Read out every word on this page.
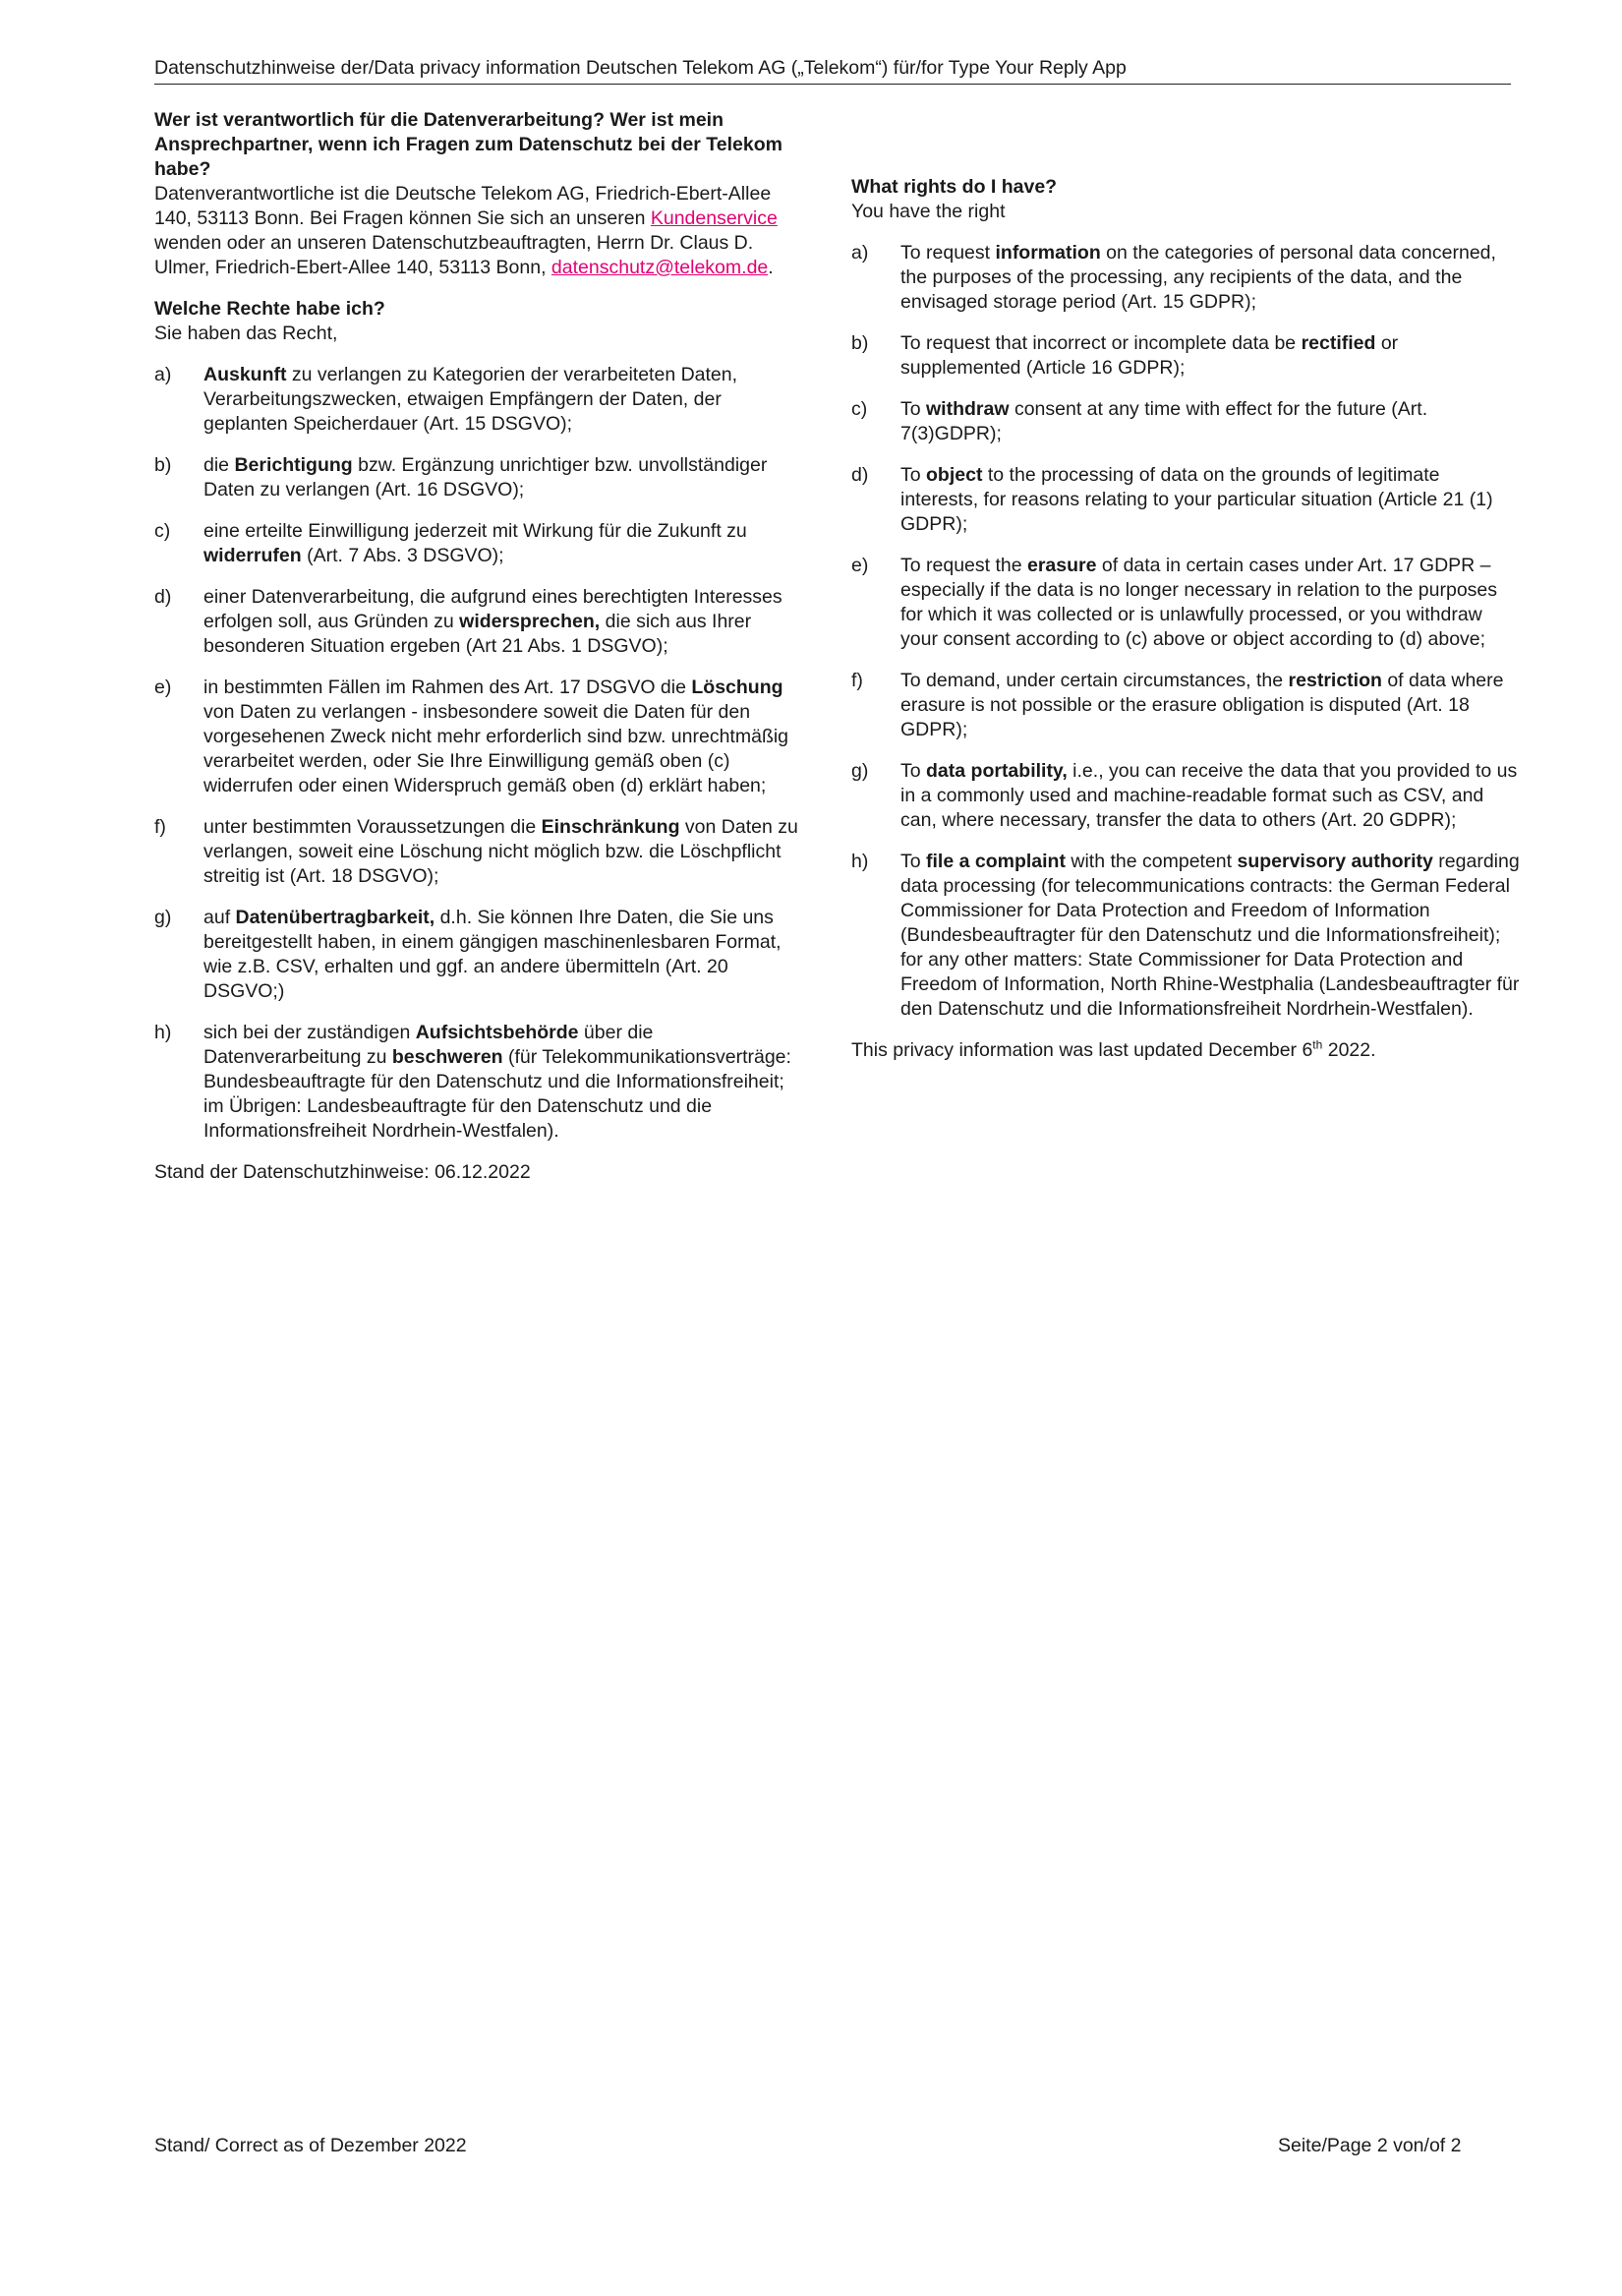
Datenschutzhinweise der/Data privacy information Deutschen Telekom AG („Telekom“) für/for Type Your Reply App
Wer ist verantwortlich für die Datenverarbeitung? Wer ist mein Ansprechpartner, wenn ich Fragen zum Datenschutz bei der Telekom habe?

Datenverantwortliche ist die Deutsche Telekom AG, Friedrich-Ebert-Allee 140, 53113 Bonn. Bei Fragen können Sie sich an unseren Kundenservice wenden oder an unseren Datenschutzbeauftragten, Herrn Dr. Claus D. Ulmer, Friedrich-Ebert-Allee 140, 53113 Bonn, datenschutz@telekom.de.

Welche Rechte habe ich?

Sie haben das Recht,

a)	Auskunft zu verlangen zu Kategorien der verarbeiteten Daten, Verarbeitungszwecken, etwaigen Empfängern der Daten, der geplanten Speicherdauer (Art. 15 DSGVO);
b)	die Berichtigung bzw. Ergänzung unrichtiger bzw. unvollständiger Daten zu verlangen (Art. 16 DSGVO);
c)	eine erteilte Einwilligung jederzeit mit Wirkung für die Zukunft zu widerrufen (Art. 7 Abs. 3 DSGVO);
d)	einer Datenverarbeitung, die aufgrund eines berechtigten Interesses erfolgen soll, aus Gründen zu widersprechen, die sich aus Ihrer besonderen Situation ergeben (Art 21 Abs. 1 DSGVO);
e)	in bestimmten Fällen im Rahmen des Art. 17 DSGVO die Löschung von Daten zu verlangen - insbesondere soweit die Daten für den vorgesehenen Zweck nicht mehr erforderlich sind bzw. unrechtmäßig verarbeitet werden, oder Sie Ihre Einwilligung gemäß oben (c) widerrufen oder einen Widerspruch gemäß oben (d) erklärt haben;
f)	unter bestimmten Voraussetzungen die Einschränkung von Daten zu verlangen, soweit eine Löschung nicht möglich bzw. die Löschpflicht streitig ist (Art. 18 DSGVO);
g)	auf Datenübertragbarkeit, d.h. Sie können Ihre Daten, die Sie uns bereitgestellt haben, in einem gängigen maschinenlesbaren Format, wie z.B. CSV, erhalten und ggf. an andere übermitteln (Art. 20 DSGVO;)
h)	sich bei der zuständigen Aufsichtsbehörde über die Datenverarbeitung zu beschweren (für Telekommunikationsverträge: Bundesbeauftragte für den Datenschutz und die Informationsfreiheit; im Übrigen: Landesbeauftragte für den Datenschutz und die Informationsfreiheit Nordrhein-Westfalen).

Stand der Datenschutzhinweise: 06.12.2022

What rights do I have?

You have the right

a)	To request information on the categories of personal data concerned, the purposes of the processing, any recipients of the data, and the envisaged storage period (Art. 15 GDPR);
b)	To request that incorrect or incomplete data be rectified or supplemented (Article 16 GDPR);
c)	To withdraw consent at any time with effect for the future (Art. 7(3)GDPR);
d)	To object to the processing of data on the grounds of legitimate interests, for reasons relating to your particular situation (Article 21 (1) GDPR);
e)	To request the erasure of data in certain cases under Art. 17 GDPR – especially if the data is no longer necessary in relation to the purposes for which it was collected or is unlawfully processed, or you withdraw your consent according to (c) above or object according to (d) above;
f)	To demand, under certain circumstances, the restriction of data where erasure is not possible or the erasure obligation is disputed (Art. 18 GDPR);
g)	To data portability, i.e., you can receive the data that you provided to us in a commonly used and machine-readable format such as CSV, and can, where necessary, transfer the data to others (Art. 20 GDPR);
h)	To file a complaint with the competent supervisory authority regarding data processing (for telecommunications contracts: the German Federal Commissioner for Data Protection and Freedom of Information (Bundesbeauftragter für den Datenschutz und die Informationsfreiheit); for any other matters: State Commissioner for Data Protection and Freedom of Information, North Rhine-Westphalia (Landesbeauftragter für den Datenschutz und die Informationsfreiheit Nordrhein-Westfalen).

This privacy information was last updated December 6th 2022.

Stand/ Correct as of Dezember 2022	Seite/Page 2 von/of 2
